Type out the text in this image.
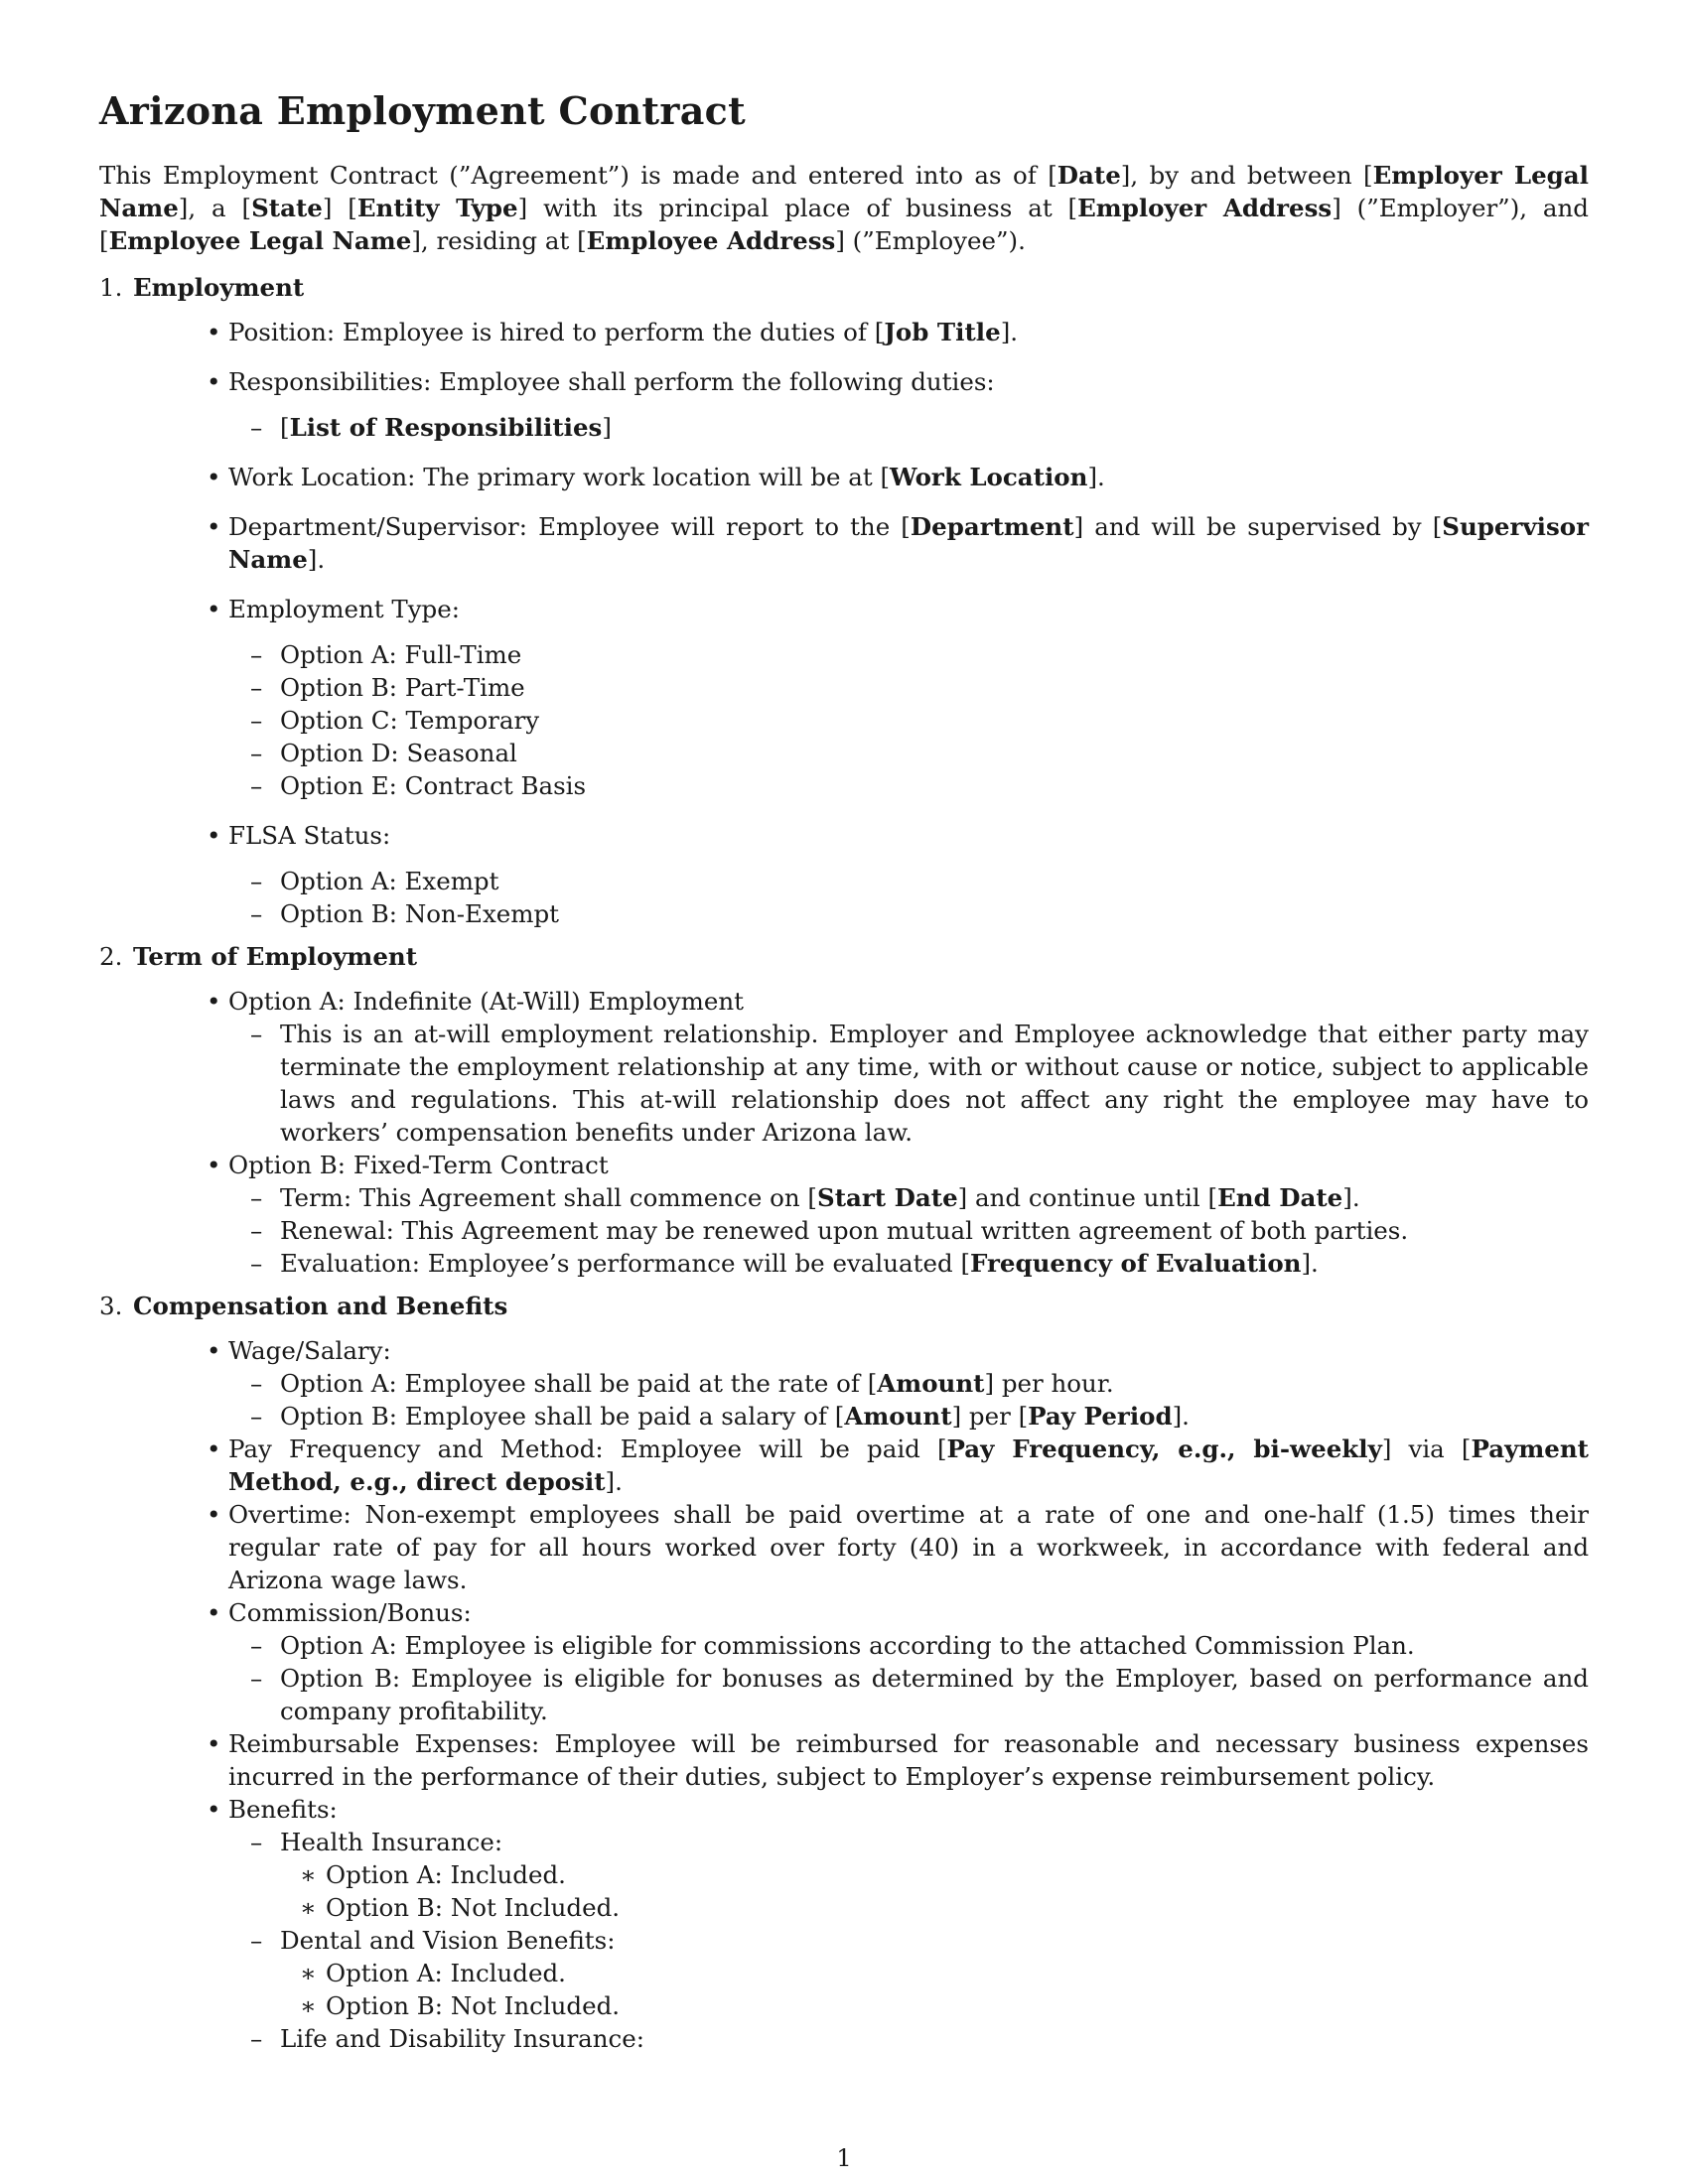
Arizona Employment Contract

This Employment Contract (”Agreement”) is made and entered into as of [Date], by and between [Employer Legal Name], a [State] [Entity Type] with its principal place of business at [Employer Address] (”Employer”), and [Employee Legal Name], residing at [Employee Address] (”Employee”).

1. Employment
• Position: Employee is hired to perform the duties of [Job Title].
• Responsibilities: Employee shall perform the following duties:
– [List of Responsibilities]
• Work Location: The primary work location will be at [Work Location].
• Department/Supervisor: Employee will report to the [Department] and will be supervised by [Supervisor Name].
• Employment Type:
– Option A: Full-Time
– Option B: Part-Time
– Option C: Temporary
– Option D: Seasonal
– Option E: Contract Basis
• FLSA Status:
– Option A: Exempt
– Option B: Non-Exempt
2. Term of Employment
• Option A: Indefinite (At-Will) Employment
– This is an at-will employment relationship. Employer and Employee acknowledge that either party may terminate the employment relationship at any time, with or without cause or notice, subject to applicable laws and regulations. This at-will relationship does not affect any right the employee may have to workers’ compensation benefits under Arizona law.
• Option B: Fixed-Term Contract
– Term: This Agreement shall commence on [Start Date] and continue until [End Date].
– Renewal: This Agreement may be renewed upon mutual written agreement of both parties.
– Evaluation: Employee’s performance will be evaluated [Frequency of Evaluation].
3. Compensation and Benefits
• Wage/Salary:
– Option A: Employee shall be paid at the rate of [Amount] per hour.
– Option B: Employee shall be paid a salary of [Amount] per [Pay Period].
• Pay Frequency and Method: Employee will be paid [Pay Frequency, e.g., bi-weekly] via [Payment Method, e.g., direct deposit].
• Overtime: Non-exempt employees shall be paid overtime at a rate of one and one-half (1.5) times their regular rate of pay for all hours worked over forty (40) in a workweek, in accordance with federal and Arizona wage laws.
• Commission/Bonus:
– Option A: Employee is eligible for commissions according to the attached Commission Plan.
– Option B: Employee is eligible for bonuses as determined by the Employer, based on performance and company profitability.
• Reimbursable Expenses: Employee will be reimbursed for reasonable and necessary business expenses incurred in the performance of their duties, subject to Employer’s expense reimbursement policy.
• Benefits:
– Health Insurance:
∗ Option A: Included.
∗ Option B: Not Included.
– Dental and Vision Benefits:
∗ Option A: Included.
∗ Option B: Not Included.
– Life and Disability Insurance:
1
